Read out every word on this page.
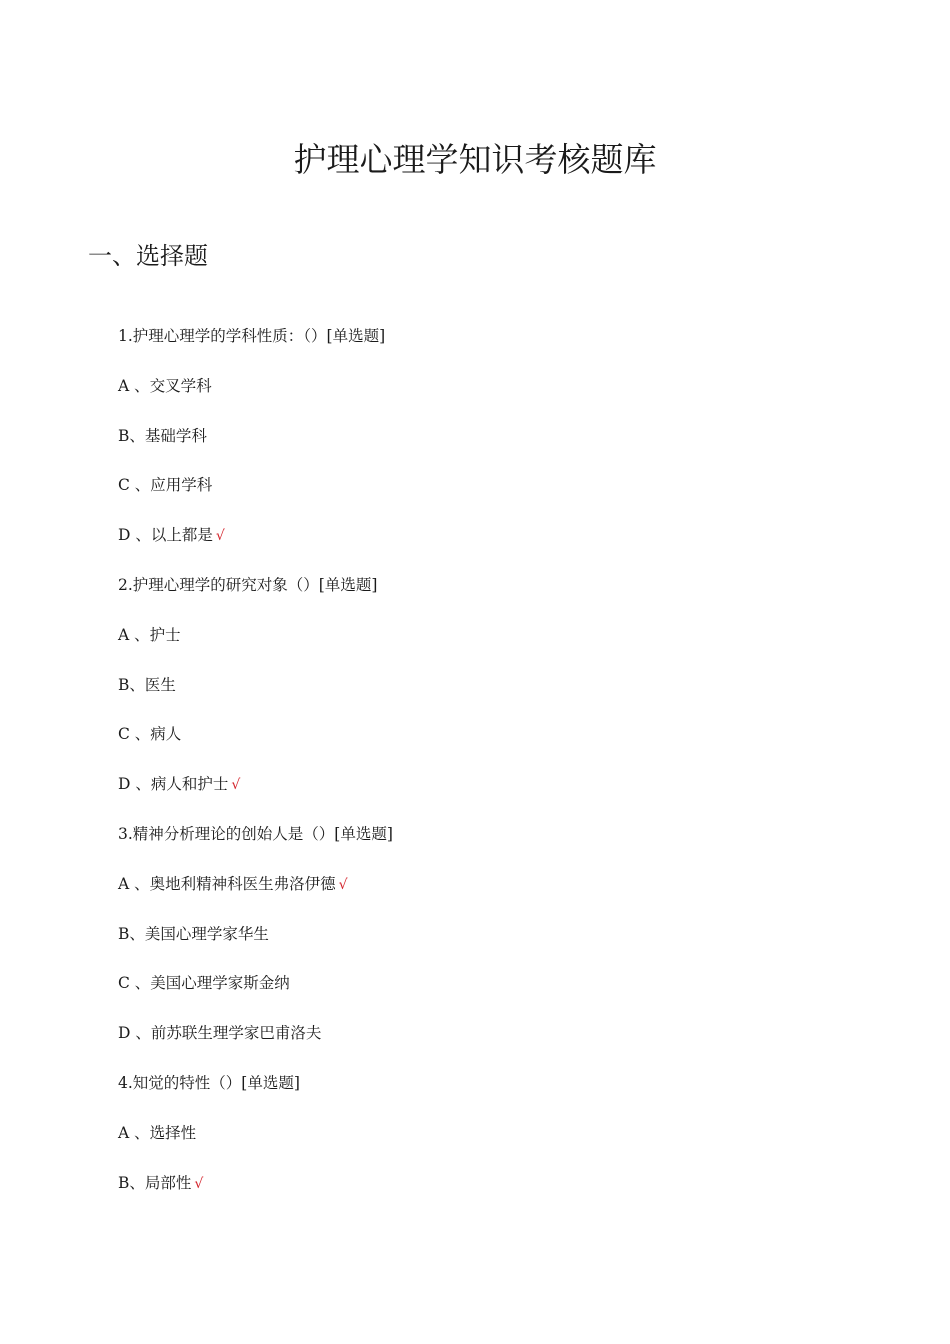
护理心理学知识考核题库
一、选择题
1.护理心理学的学科性质：（）[单选题]
A 、交叉学科
B、基础学科
C 、应用学科
D 、以上都是 √
2.护理心理学的研究对象（）[单选题]
A 、护士
B、医生
C 、病人
D 、病人和护士 √
3.精神分析理论的创始人是（）[单选题]
A 、奥地利精神科医生弗洛伊德 √
B、美国心理学家华生
C 、美国心理学家斯金纳
D 、前苏联生理学家巴甫洛夫
4.知觉的特性（）[单选题]
A 、选择性
B、局部性 √
